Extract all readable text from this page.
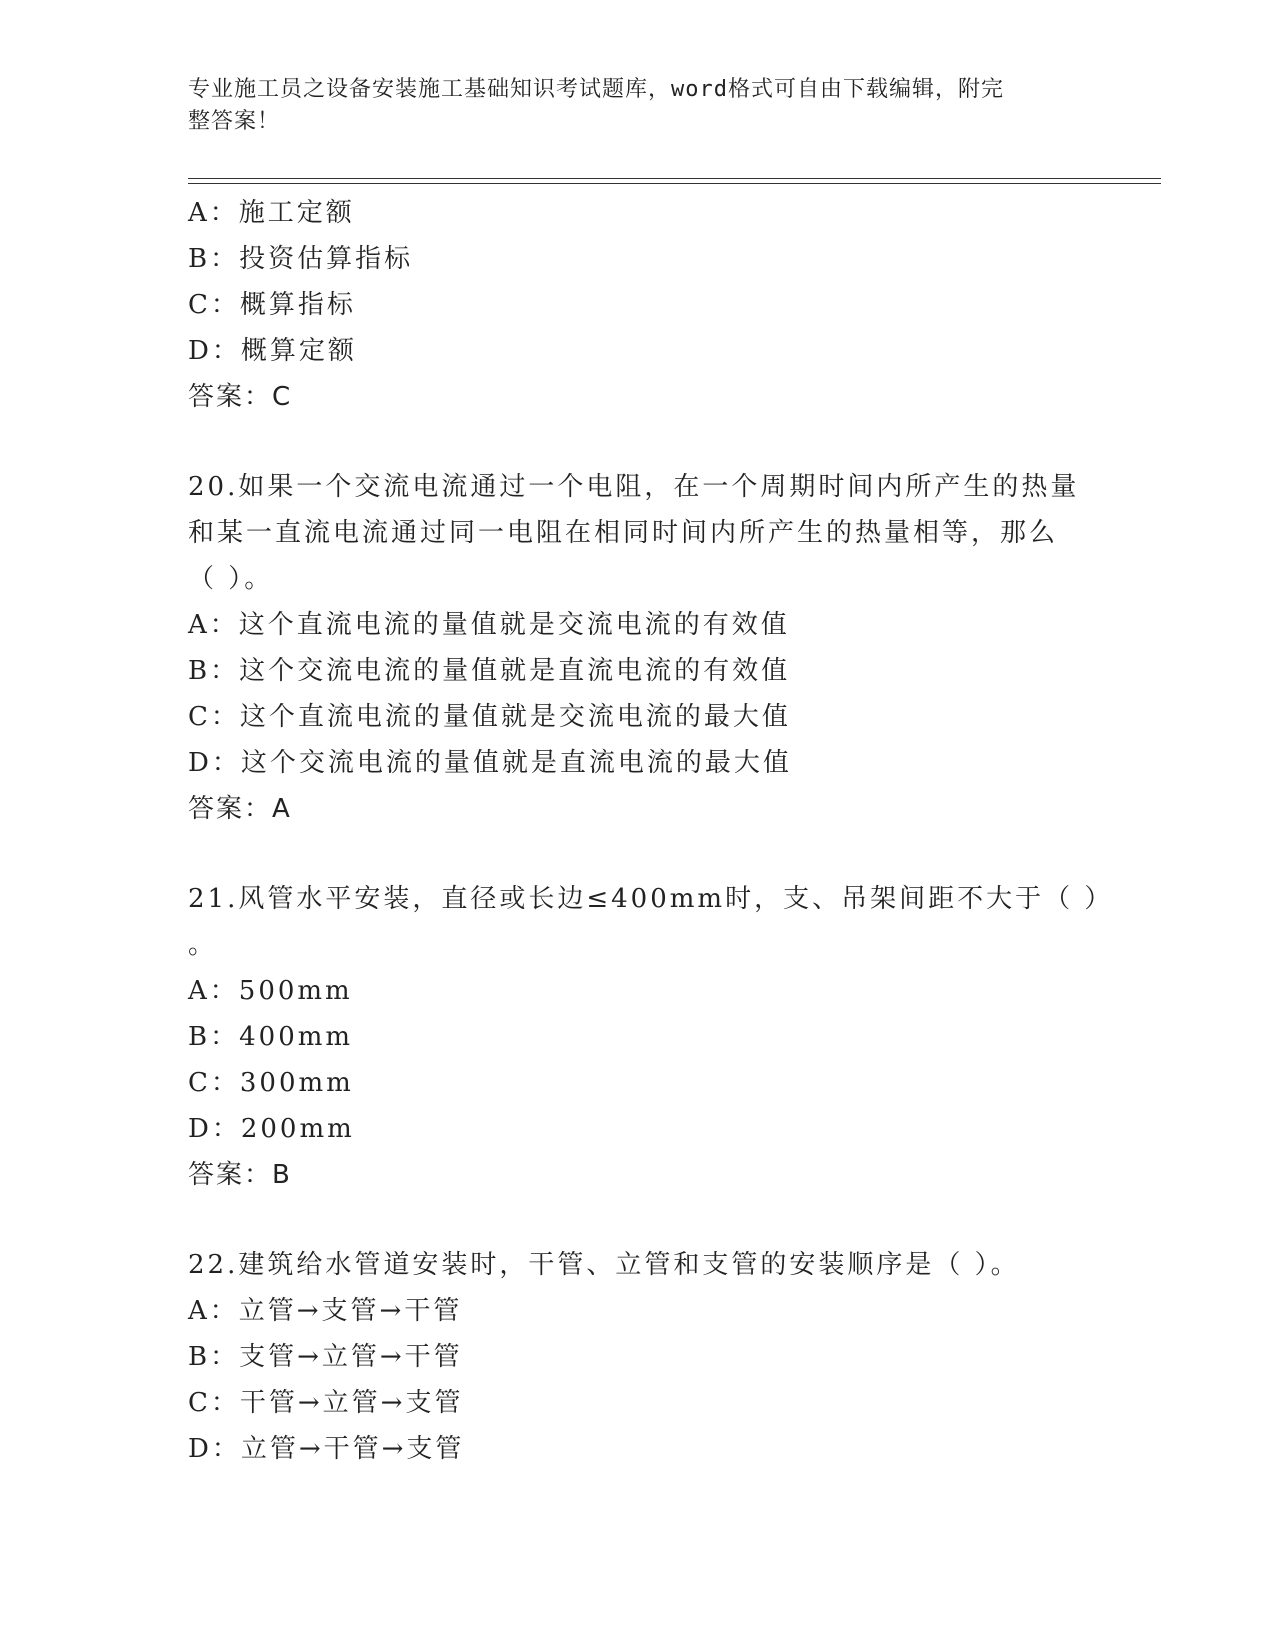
专业施工员之设备安装施工基础知识考试题库，word格式可自由下载编辑，附完
整答案！
A：施工定额
B：投资估算指标
C：概算指标
D：概算定额
答案：C
20.如果一个交流电流通过一个电阻，在一个周期时间内所产生的热量
和某一直流电流通过同一电阻在相同时间内所产生的热量相等，那么
（ ）。
A：这个直流电流的量值就是交流电流的有效值
B：这个交流电流的量值就是直流电流的有效值
C：这个直流电流的量值就是交流电流的最大值
D：这个交流电流的量值就是直流电流的最大值
答案：A
21.风管水平安装，直径或长边≤400mm时，支、吊架间距不大于（ ）
。
A：500mm
B：400mm
C：300mm
D：200mm
答案：B
22.建筑给水管道安装时，干管、立管和支管的安装顺序是（ ）。
A：立管→支管→干管
B：支管→立管→干管
C：干管→立管→支管
D：立管→干管→支管
